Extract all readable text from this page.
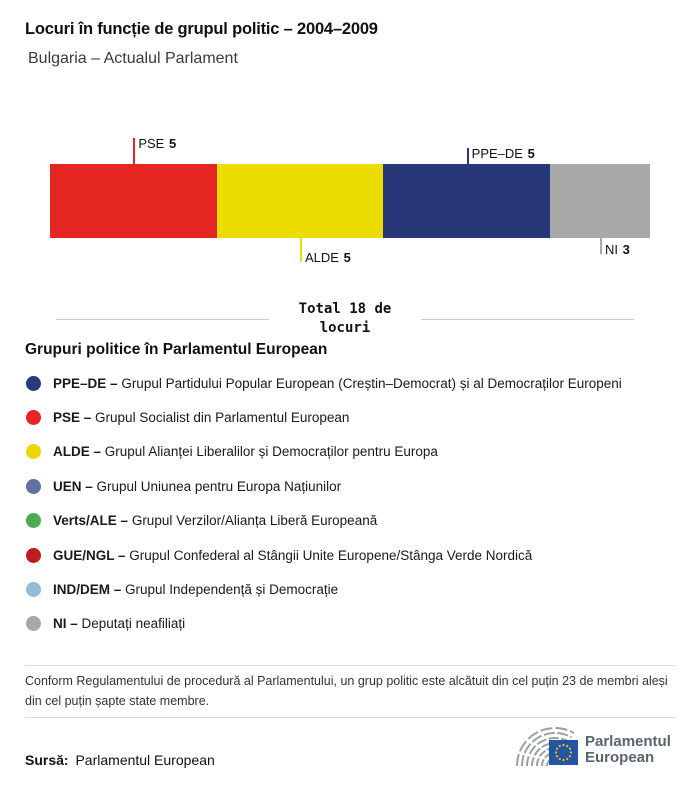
Locuri în funcție de grupul politic – 2004–2009
Bulgaria – Actualul Parlament
PSE 5
ALDE 5
PPE–DE 5
NI 3
Total 18 de locuri
Grupuri politice în Parlamentul European
PPE–DE – Grupul Partidului Popular European (Creștin–Democrat) și al Democraților Europeni
PSE – Grupul Socialist din Parlamentul European
ALDE – Grupul Alianței Liberalilor și Democraților pentru Europa
UEN – Grupul Uniunea pentru Europa Națiunilor
Verts/ALE – Grupul Verzilor/Alianța Liberă Europeană
GUE/NGL – Grupul Confederal al Stângii Unite Europene/Stânga Verde Nordică
IND/DEM – Grupul Independență și Democrație
NI – Deputați neafiliați
Conform Regulamentului de procedură al Parlamentului, un grup politic este alcătuit din cel puțin 23 de membri aleși
din cel puțin șapte state membre.
Sursă: Parlamentul European
Parlamentul
European
